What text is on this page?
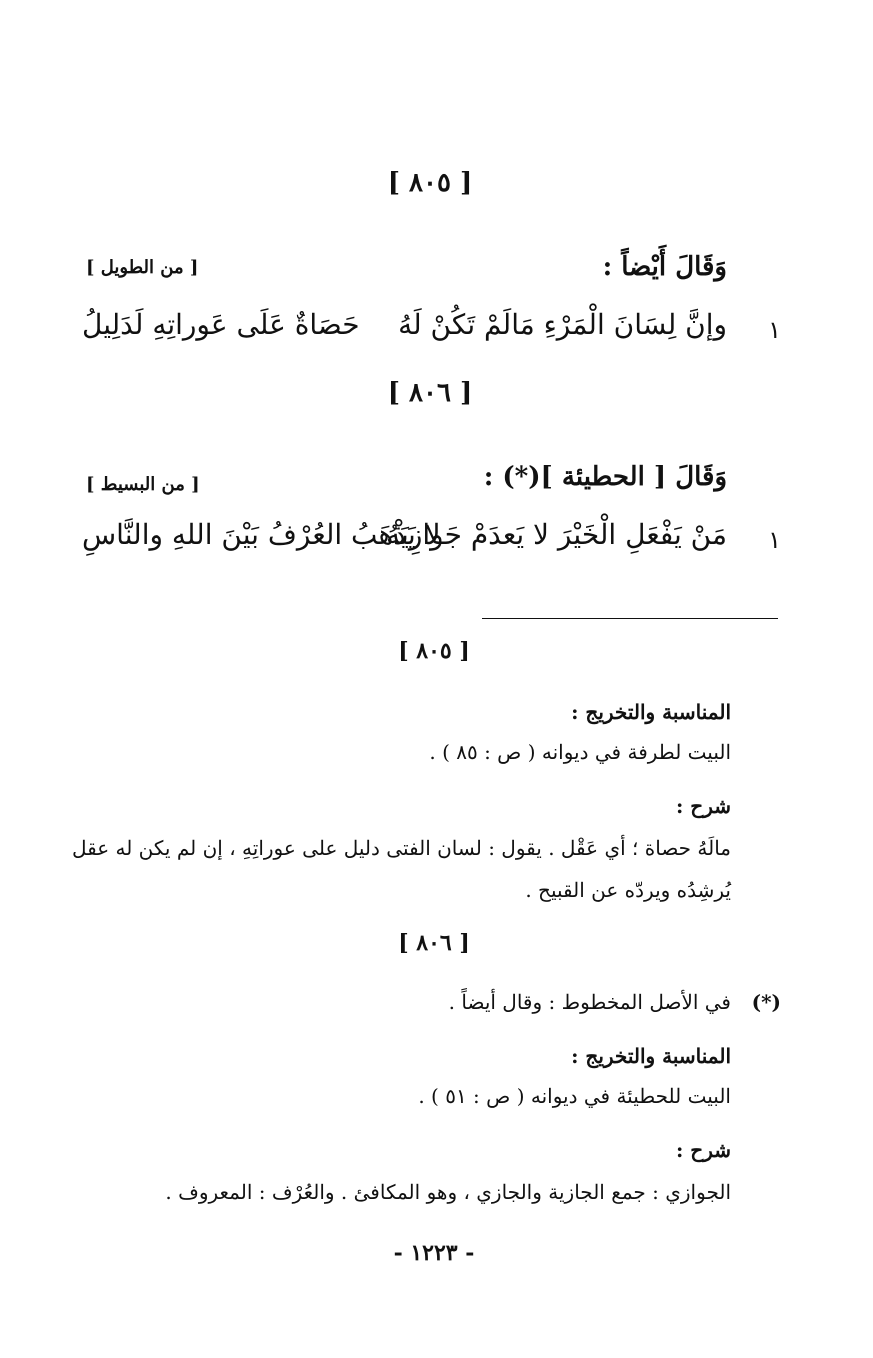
[ ٨٠٥ ]
وَقَالَ أَيْضاً :
[ من الطويل ]
١
وإنَّ لِسَانَ الْمَرْءِ مَالَمْ تَكُنْ لَهُ
حَصَاةٌ عَلَى عَوراتِهِ لَدَلِيلُ
[ ٨٠٦ ]
وَقَالَ [ الحطيئة ](*) :
[ من البسيط ]
١
مَنْ يَفْعَلِ الْخَيْرَ لا يَعدَمْ جَوازِيَهُ
لا يَذْهَبُ العُرْفُ بَيْنَ اللهِ والنَّاسِ
[ ٨٠٥ ]
المناسبة والتخريج :
البيت لطرفة في ديوانه ( ص : ٨٥ ) .
شرح :
مالَهُ حصاة ؛ أي عَقْل . يقول : لسان الفتى دليل على عوراتِهِ ، إن لم يكن له عقل
يُرشِدُه ويردّه عن القبيح .
[ ٨٠٦ ]
(*)
في الأصل المخطوط : وقال أيضاً .
المناسبة والتخريج :
البيت للحطيئة في ديوانه ( ص : ٥١ ) .
شرح :
الجوازي : جمع الجازية والجازي ، وهو المكافئ . والعُرْف : المعروف .
- ١٢٢٣ -
